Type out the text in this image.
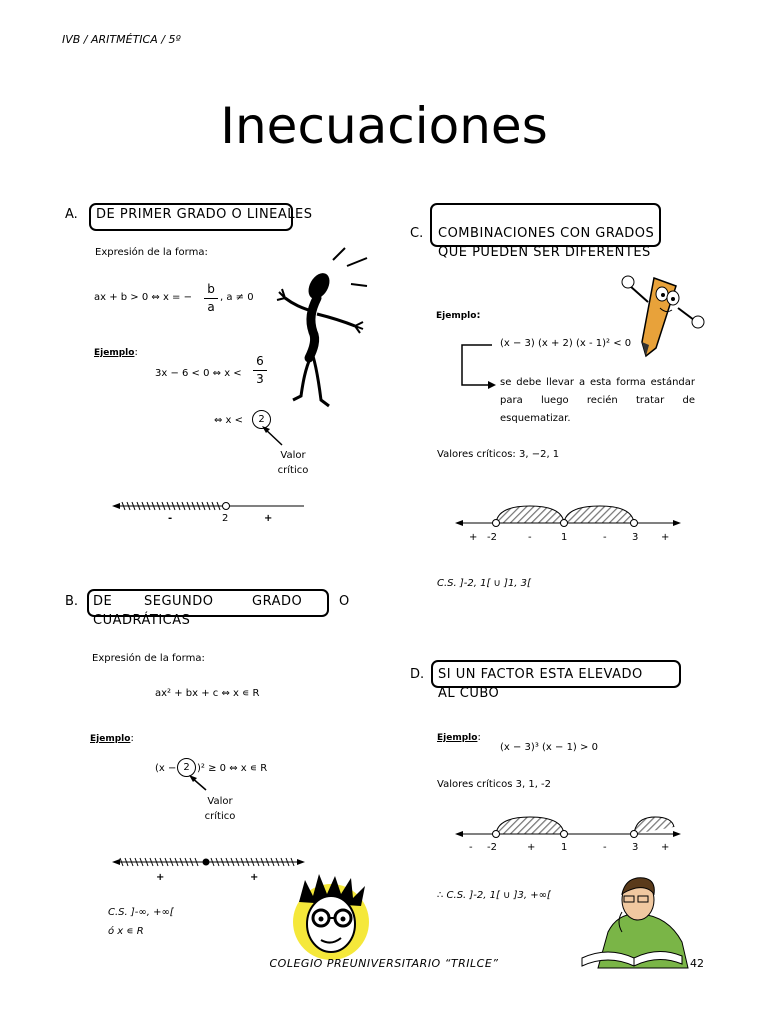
IVB / ARITMÉTICA / 5º
Inecuaciones
A. DE PRIMER GRADO O LINEALES
Expresión de la forma:
ax + b > 0 ⇔ x = −
b
a
, a ≠ 0
Ejemplo:
3x − 6 < 0 ⇔ x <
6
3
⇔ x <	2
Valor
crítico
-	2	+
B. DE SEGUNDO	GRADO	O
CUADRÁTICAS
Expresión de la forma:
ax² + bx + c ⇔ x ∊ R
Ejemplo:
(x − 2 )² ≥ 0 ⇔ x ∊ R
Valor
crítico
+	+
C.S. ]-∞, +∞[
ó x ∊ R
C. COMBINACIONES CON GRADOS
QUE PUEDEN SER DIFERENTES
Ejemplo:
(x − 3) (x + 2) (x - 1)² < 0
se debe llevar a esta forma estándar para luego recién tratar de esquematizar.
Valores críticos: 3, −2, 1
+ -2	-	1	-	3 +
C.S. ]-2, 1[ ∪ ]1, 3[
D. SI UN FACTOR ESTA ELEVADO
AL CUBO
Ejemplo:
(x − 3)³ (x − 1) > 0
Valores críticos 3, 1, -2
- -2	+	1	-	3 +
∴ C.S. ]-2, 1[ ∪ ]3, +∞[
COLEGIO PREUNIVERSITARIO “TRILCE”	42
